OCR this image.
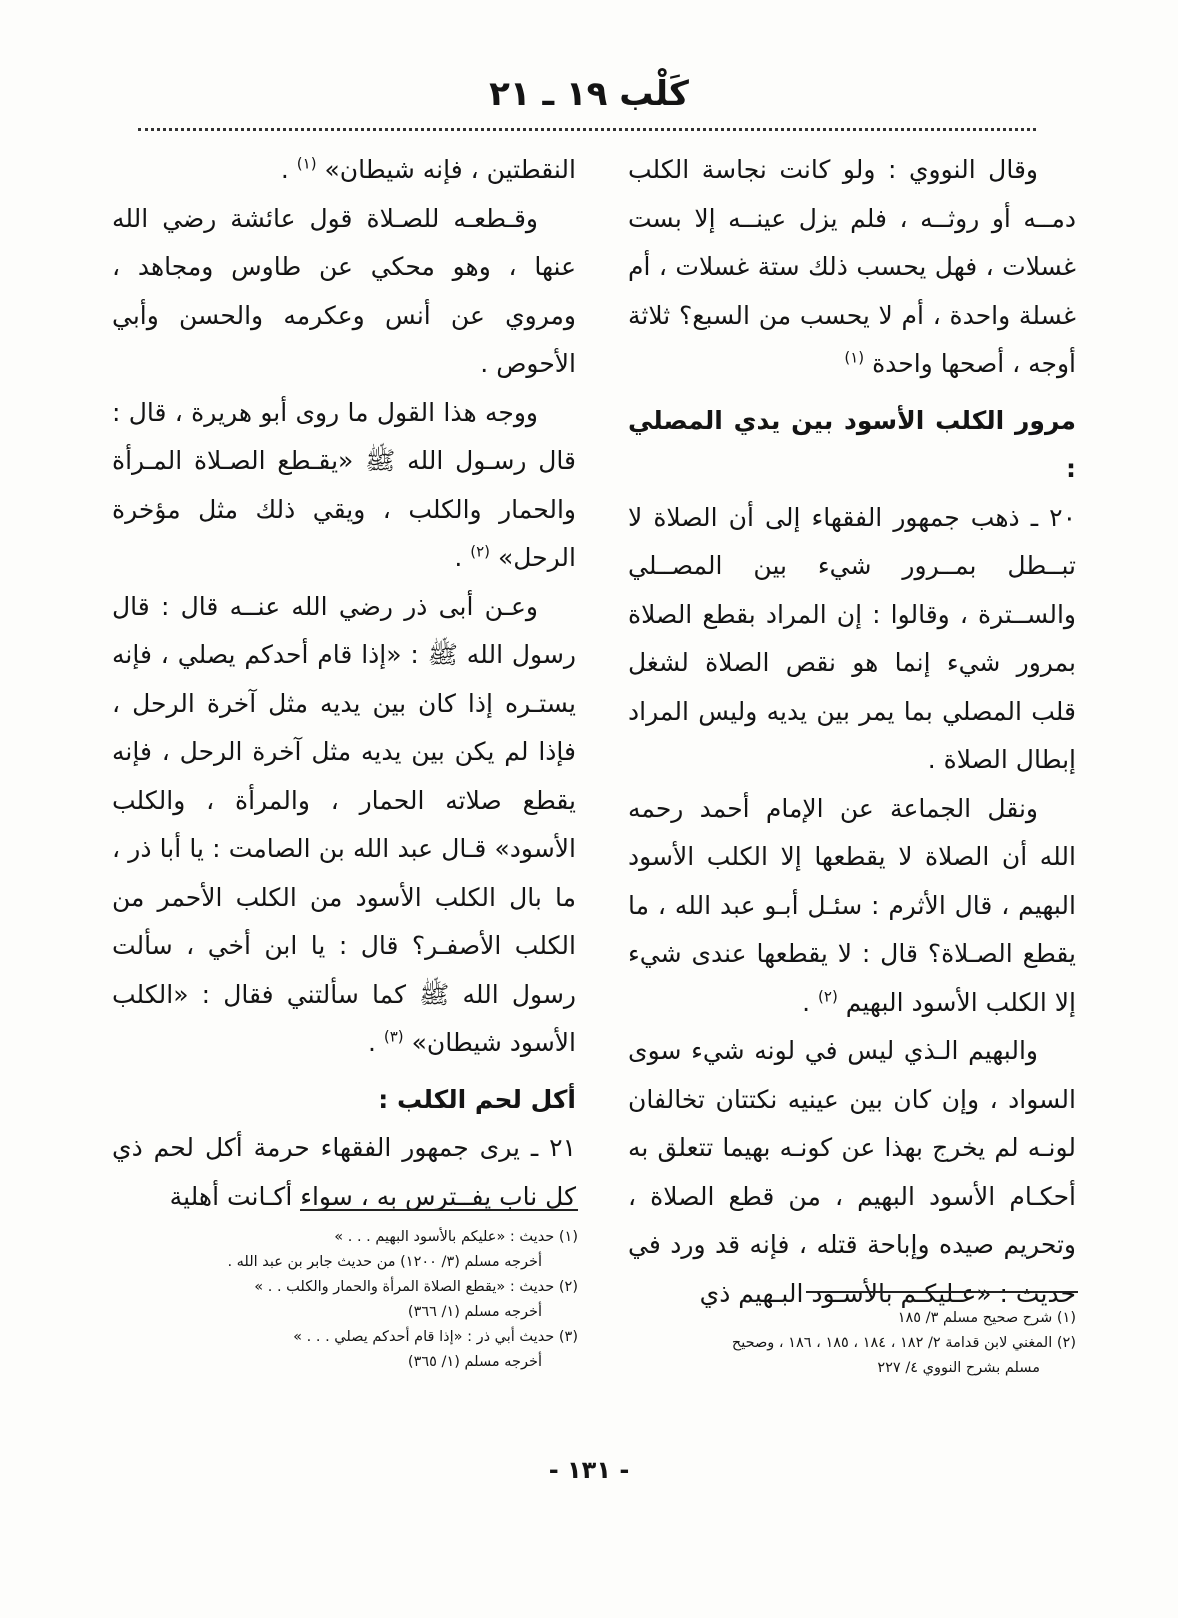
كَلْب ١٩ ـ ٢١

وقال النووي : ولو كانت نجاسة الكلب دمــه أو روثــه ، فلم يزل عينــه إلا بست غسلات ، فهل يحسب ذلك ستة غسلات ، أم غسلة واحدة ، أم لا يحسب من السبع؟ ثلاثة أوجه ، أصحها واحدة $^{(١)}$

مرور الكلب الأسود بين يدي المصلي :

٢٠ ـ ذهب جمهور الفقهاء إلى أن الصلاة لا تبــطل بمــرور شيء بين المصــلي والســترة ، وقالوا : إن المراد بقطع الصلاة بمرور شيء إنما هو نقص الصلاة لشغل قلب المصلي بما يمر بين يديه وليس المراد إبطال الصلاة .

ونقل الجماعة عن الإمام أحمد رحمه الله أن الصلاة لا يقطعها إلا الكلب الأسود البهيم ، قال الأثرم : سئـل أبـو عبد الله ، ما يقطع الصـلاة؟ قال : لا يقطعها عندى شيء إلا الكلب الأسود البهيم $^{(٢)}$ .

والبهيم الـذي ليس في لونه شيء سوى السواد ، وإن كان بين عينيه نكتتان تخالفان لونـه لم يخرج بهذا عن كونـه بهيما تتعلق به أحكـام الأسود البهيم ، من قطع الصلاة ، وتحريم صيده وإباحة قتله ، فإنه قد ورد في حديث : «عـليكـم بالأسـود البـهيم ذي

النقطتين ، فإنه شيطان» $^{(١)}$ .

وقـطعـه للصـلاة قول عائشة رضي الله عنها ، وهو محكي عن طاوس ومجاهد ، ومروي عن أنس وعكرمه والحسن وأبي الأحوص .

ووجه هذا القول ما روى أبو هريرة ، قال : قال رسـول الله ﷺ «يقـطع الصـلاة المـرأة والحمار والكلب ، ويقي ذلك مثل مؤخرة الرحل» $^{(٢)}$ .

وعـن أبى ذر رضي الله عنــه قال : قال رسول الله ﷺ : «إذا قام أحدكم يصلي ، فإنه يستـره إذا كان بين يديه مثل آخرة الرحل ، فإذا لم يكن بين يديه مثل آخرة الرحل ، فإنه يقطع صلاته الحمار ، والمرأة ، والكلب الأسود» قـال عبد الله بن الصامت : يا أبا ذر ، ما بال الكلب الأسود من الكلب الأحمر من الكلب الأصفـر؟ قال : يا ابن أخي ، سألت رسول الله ﷺ كما سألتني فقال : «الكلب الأسود شيطان» $^{(٣)}$ .

أكل لحم الكلب :

٢١ ـ يرى جمهور الفقهاء حرمة أكل لحم ذي كل ناب يفــترس به ، سواء أكـانت أهلية

(١) شرح صحيح مسلم ٣/ ١٨٥

(٢) المغني لابن قدامة ٢/ ١٨٢ ، ١٨٤ ، ١٨٥ ، ١٨٦ ، وصحيح

مسلم بشرح النووي ٤/ ٢٢٧

(١) حديث : «عليكم بالأسود البهيم . . . »

أخرجه مسلم (٣/ ١٢٠٠) من حديث جابر بن عبد الله .

(٢) حديث : «يقطع الصلاة المرأة والحمار والكلب . . »

أخرجه مسلم (١/ ٣٦٦)

(٣) حديث أبي ذر : «إذا قام أحدكم يصلي . . . »

أخرجه مسلم (١/ ٣٦٥)

- ١٣١ -
